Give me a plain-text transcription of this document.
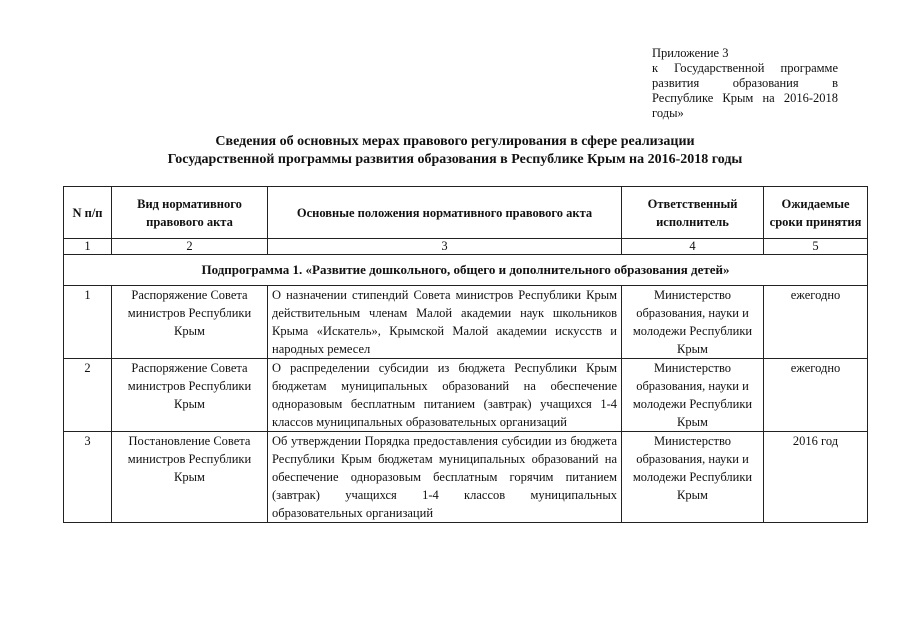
Приложение 3
к Государственной программе
развития образования в
Республике Крым на 2016-2018
годы»
Сведения об основных мерах правового регулирования в сфере реализации
Государственной программы развития образования в Республике Крым на 2016-2018 годы
N п/п	Вид нормативного правового акта	Основные положения нормативного правового акта	Ответственный исполнитель	Ожидаемые сроки принятия
1	2	3	4	5
Подпрограмма 1. «Развитие дошкольного, общего и дополнительного образования детей»				
1	Распоряжение Совета министров Республики Крым	О назначении стипендий Совета министров Республики Крым действительным членам Малой академии наук школьников Крыма «Искатель», Крымской Малой академии искусств и народных ремесел	Министерство образования, науки и молодежи Республики Крым	ежегодно
2	Распоряжение Совета министров Республики Крым	О распределении субсидии из бюджета Республики Крым бюджетам муниципальных образований на обеспечение одноразовым бесплатным питанием (завтрак) учащихся 1-4 классов муниципальных образовательных организаций	Министерство образования, науки и молодежи Республики Крым	ежегодно
3	Постановление Совета министров Республики Крым	Об утверждении Порядка предоставления субсидии из бюджета Республики Крым бюджетам муниципальных образований на обеспечение одноразовым бесплатным горячим питанием (завтрак) учащихся 1-4 классов муниципальных образовательных организаций	Министерство образования, науки и молодежи Республики Крым	2016 год
